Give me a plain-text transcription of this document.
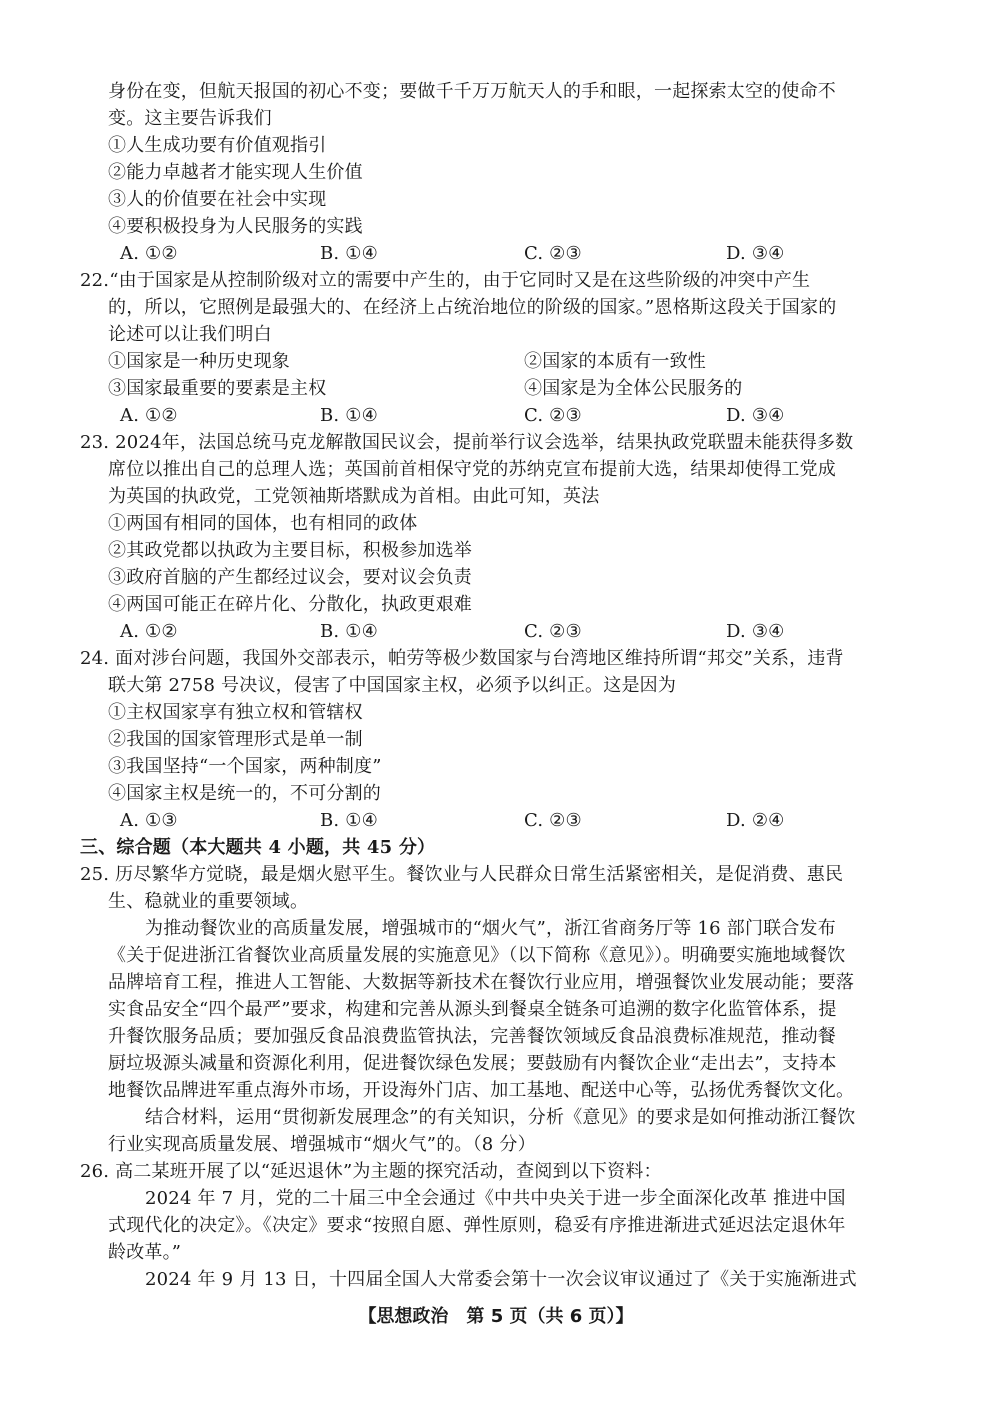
身份在变，但航天报国的初心不变；要做千千万万航天人的手和眼，一起探索太空的使命不
变。这主要告诉我们
①人生成功要有价值观指引
②能力卓越者才能实现人生价值
③人的价值要在社会中实现
④要积极投身为人民服务的实践
A. ①②	B. ①④	C. ②③	D. ③④
22.“由于国家是从控制阶级对立的需要中产生的，由于它同时又是在这些阶级的冲突中产生
的，所以，它照例是最强大的、在经济上占统治地位的阶级的国家。”恩格斯这段关于国家的
论述可以让我们明白
①国家是一种历史现象	②国家的本质有一致性
③国家最重要的要素是主权	④国家是为全体公民服务的
A. ①②	B. ①④	C. ②③	D. ③④
23. 2024年，法国总统马克龙解散国民议会，提前举行议会选举，结果执政党联盟未能获得多数
席位以推出自己的总理人选；英国前首相保守党的苏纳克宣布提前大选，结果却使得工党成
为英国的执政党，工党领袖斯塔默成为首相。由此可知，英法
①两国有相同的国体，也有相同的政体
②其政党都以执政为主要目标，积极参加选举
③政府首脑的产生都经过议会，要对议会负责
④两国可能正在碎片化、分散化，执政更艰难
A. ①②	B. ①④	C. ②③	D. ③④
24. 面对涉台问题，我国外交部表示，帕劳等极少数国家与台湾地区维持所谓“邦交”关系，违背
联大第 2758 号决议，侵害了中国国家主权，必须予以纠正。这是因为
①主权国家享有独立权和管辖权
②我国的国家管理形式是单一制
③我国坚持“一个国家，两种制度”
④国家主权是统一的，不可分割的
A. ①③	B. ①④	C. ②③	D. ②④
三、综合题（本大题共 4 小题，共 45 分）
25. 历尽繁华方觉晓，最是烟火慰平生。餐饮业与人民群众日常生活紧密相关，是促消费、惠民
生、稳就业的重要领域。
为推动餐饮业的高质量发展，增强城市的“烟火气”，浙江省商务厅等 16 部门联合发布
《关于促进浙江省餐饮业高质量发展的实施意见》（以下简称《意见》）。明确要实施地域餐饮
品牌培育工程，推进人工智能、大数据等新技术在餐饮行业应用，增强餐饮业发展动能；要落
实食品安全“四个最严”要求，构建和完善从源头到餐桌全链条可追溯的数字化监管体系，提
升餐饮服务品质；要加强反食品浪费监管执法，完善餐饮领域反食品浪费标准规范，推动餐
厨垃圾源头减量和资源化利用，促进餐饮绿色发展；要鼓励有内餐饮企业“走出去”，支持本
地餐饮品牌进军重点海外市场，开设海外门店、加工基地、配送中心等，弘扬优秀餐饮文化。
结合材料，运用“贯彻新发展理念”的有关知识，分析《意见》的要求是如何推动浙江餐饮
行业实现高质量发展、增强城市“烟火气”的。（8 分）
26. 高二某班开展了以“延迟退休”为主题的探究活动，查阅到以下资料：
2024 年 7 月，党的二十届三中全会通过《中共中央关于进一步全面深化改革 推进中国
式现代化的决定》。《决定》要求“按照自愿、弹性原则，稳妥有序推进渐进式延迟法定退休年
龄改革。”
2024 年 9 月 13 日，十四届全国人大常委会第十一次会议审议通过了《关于实施渐进式
【思想政治　第 5 页（共 6 页）】
